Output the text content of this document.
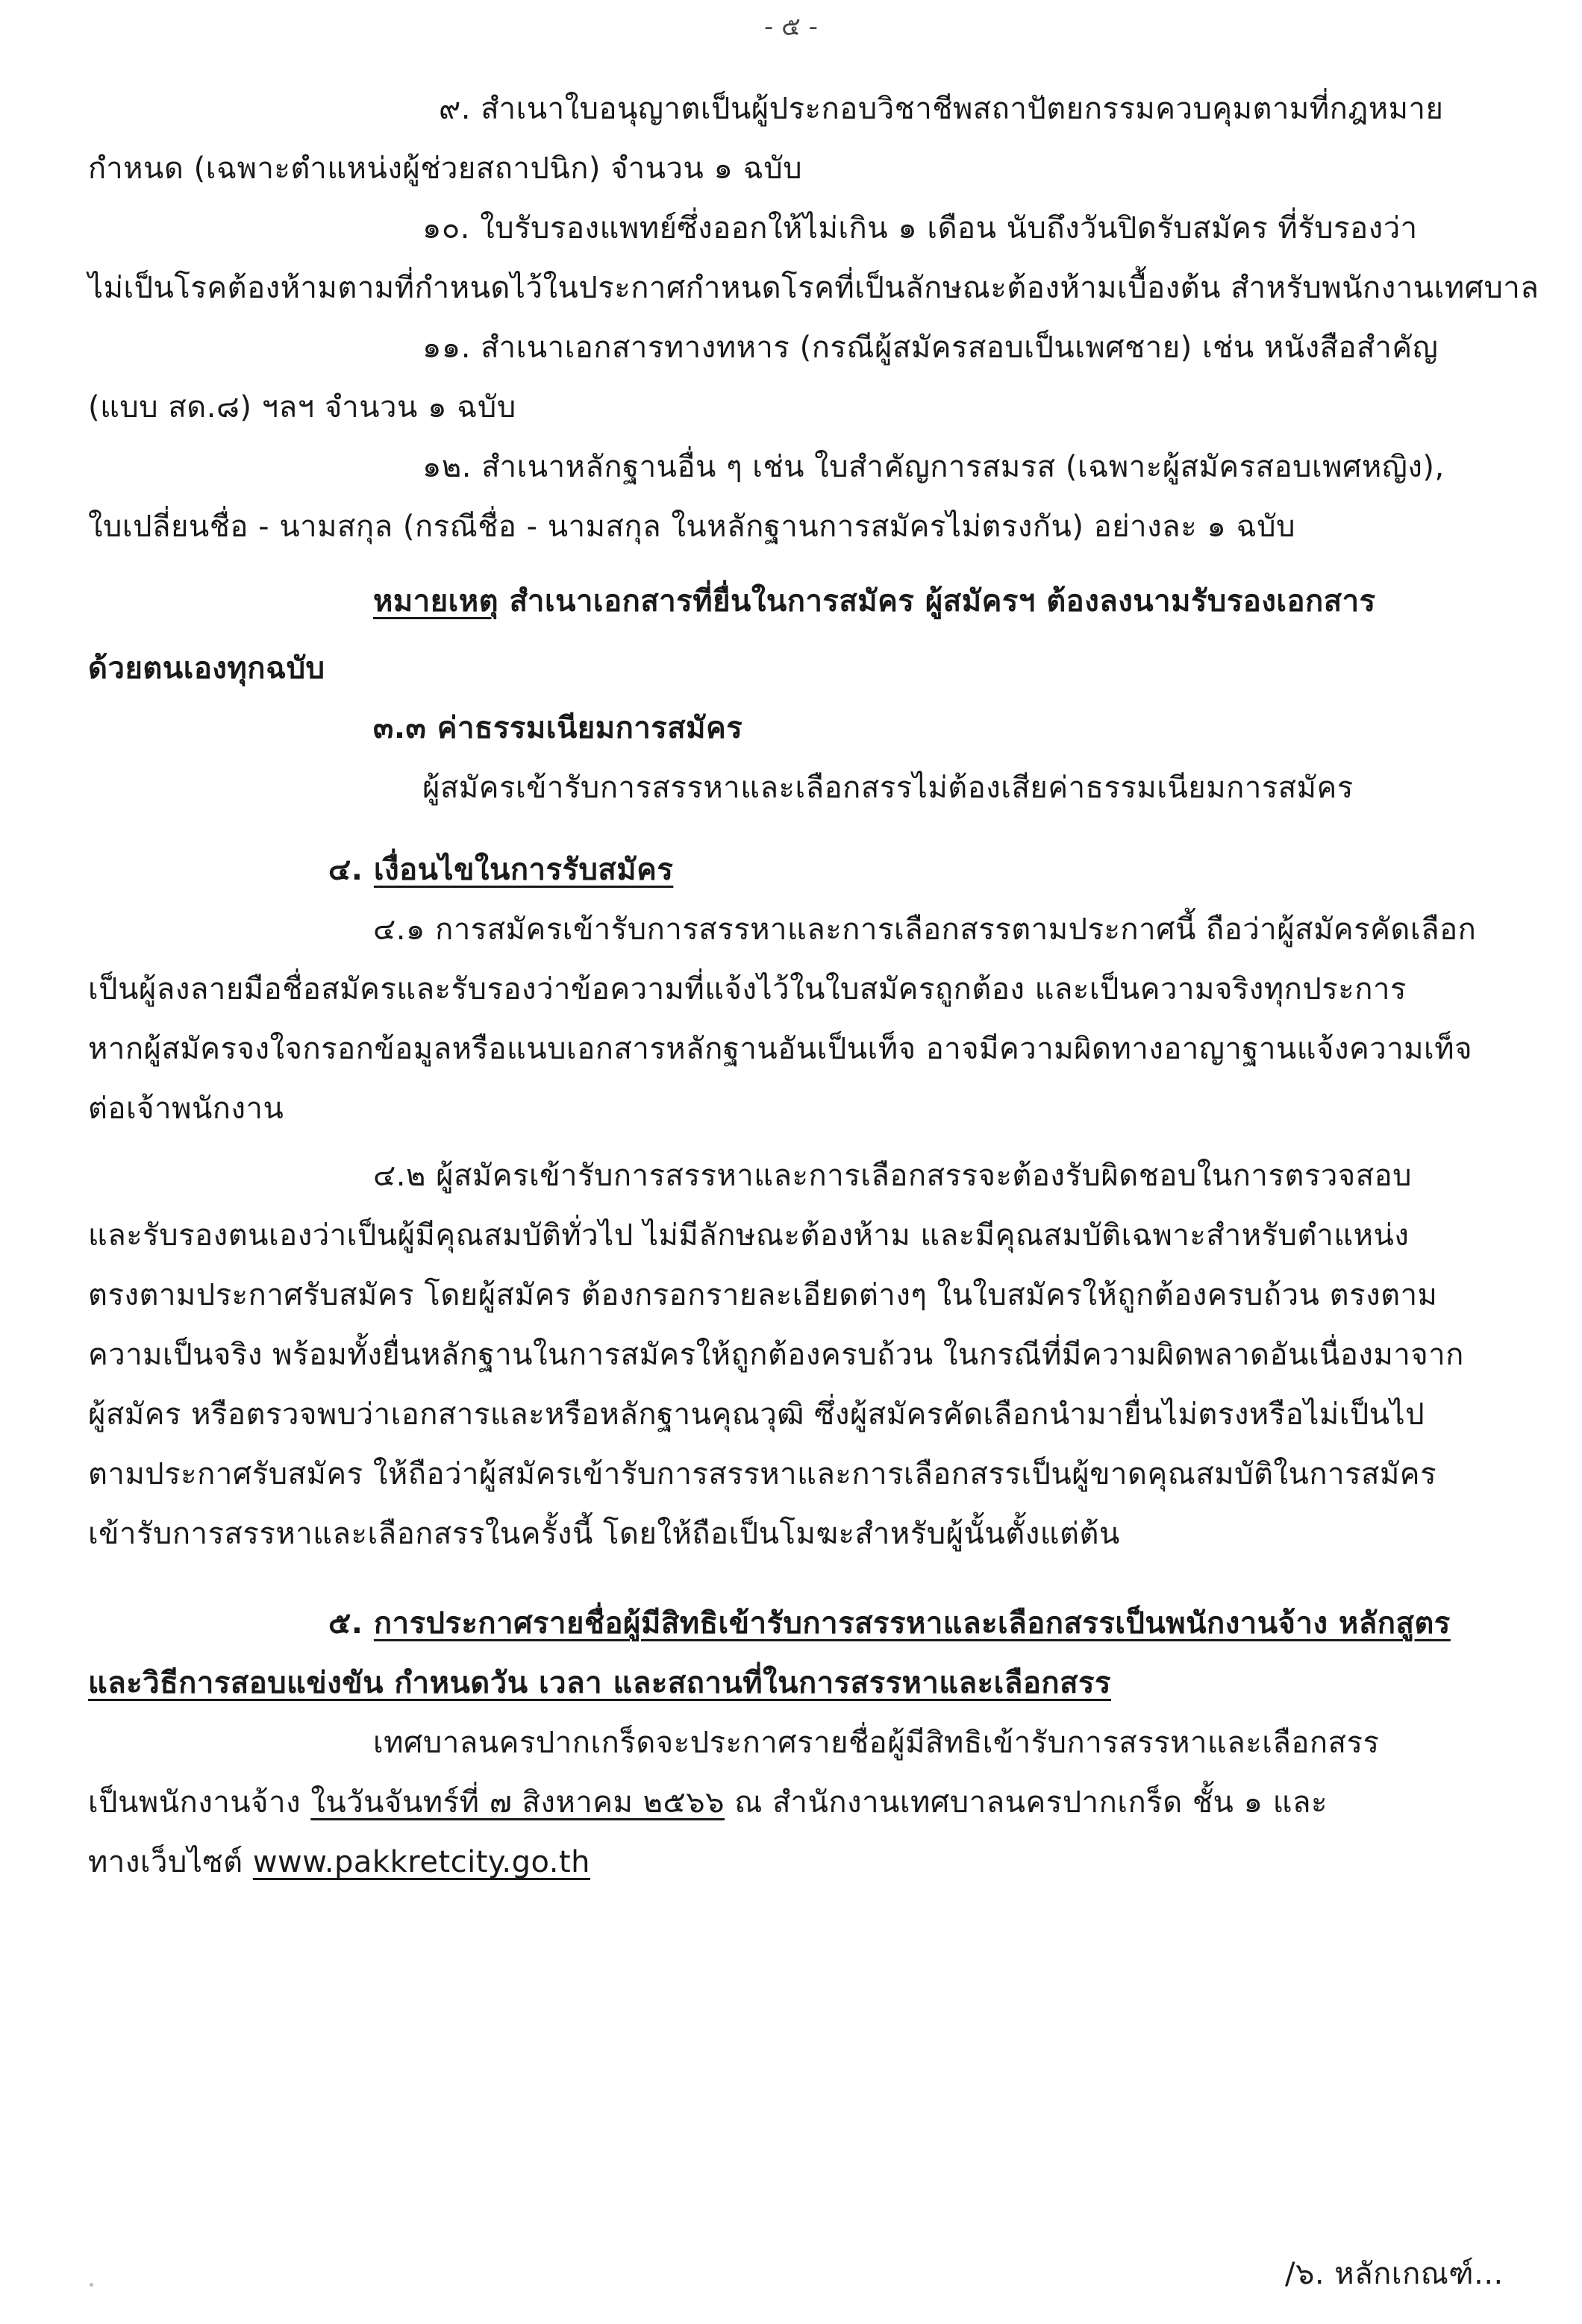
- ๕ -
๙. สำเนาใบอนุญาตเป็นผู้ประกอบวิชาชีพสถาปัตยกรรมควบคุมตามที่กฎหมาย
กำหนด (เฉพาะตำแหน่งผู้ช่วยสถาปนิก) จำนวน ๑ ฉบับ
๑๐. ใบรับรองแพทย์ซึ่งออกให้ไม่เกิน ๑ เดือน นับถึงวันปิดรับสมัคร ที่รับรองว่า
ไม่เป็นโรคต้องห้ามตามที่กำหนดไว้ในประกาศกำหนดโรคที่เป็นลักษณะต้องห้ามเบื้องต้น สำหรับพนักงานเทศบาล
๑๑. สำเนาเอกสารทางทหาร (กรณีผู้สมัครสอบเป็นเพศชาย) เช่น หนังสือสำคัญ
(แบบ สด.๘) ฯลฯ จำนวน ๑ ฉบับ
๑๒. สำเนาหลักฐานอื่น ๆ เช่น ใบสำคัญการสมรส (เฉพาะผู้สมัครสอบเพศหญิง),
ใบเปลี่ยนชื่อ - นามสกุล (กรณีชื่อ - นามสกุล ในหลักฐานการสมัครไม่ตรงกัน) อย่างละ ๑ ฉบับ
หมายเหตุ สำเนาเอกสารที่ยื่นในการสมัคร ผู้สมัครฯ ต้องลงนามรับรองเอกสาร
ด้วยตนเองทุกฉบับ
๓.๓ ค่าธรรมเนียมการสมัคร
ผู้สมัครเข้ารับการสรรหาและเลือกสรรไม่ต้องเสียค่าธรรมเนียมการสมัคร
๔. เงื่อนไขในการรับสมัคร
๔.๑ การสมัครเข้ารับการสรรหาและการเลือกสรรตามประกาศนี้ ถือว่าผู้สมัครคัดเลือก
เป็นผู้ลงลายมือชื่อสมัครและรับรองว่าข้อความที่แจ้งไว้ในใบสมัครถูกต้อง และเป็นความจริงทุกประการ
หากผู้สมัครจงใจกรอกข้อมูลหรือแนบเอกสารหลักฐานอันเป็นเท็จ อาจมีความผิดทางอาญาฐานแจ้งความเท็จ
ต่อเจ้าพนักงาน
๔.๒ ผู้สมัครเข้ารับการสรรหาและการเลือกสรรจะต้องรับผิดชอบในการตรวจสอบ
และรับรองตนเองว่าเป็นผู้มีคุณสมบัติทั่วไป ไม่มีลักษณะต้องห้าม และมีคุณสมบัติเฉพาะสำหรับตำแหน่ง
ตรงตามประกาศรับสมัคร โดยผู้สมัคร ต้องกรอกรายละเอียดต่างๆ ในใบสมัครให้ถูกต้องครบถ้วน ตรงตาม
ความเป็นจริง พร้อมทั้งยื่นหลักฐานในการสมัครให้ถูกต้องครบถ้วน ในกรณีที่มีความผิดพลาดอันเนื่องมาจาก
ผู้สมัคร หรือตรวจพบว่าเอกสารและหรือหลักฐานคุณวุฒิ ซึ่งผู้สมัครคัดเลือกนำมายื่นไม่ตรงหรือไม่เป็นไป
ตามประกาศรับสมัคร ให้ถือว่าผู้สมัครเข้ารับการสรรหาและการเลือกสรรเป็นผู้ขาดคุณสมบัติในการสมัคร
เข้ารับการสรรหาและเลือกสรรในครั้งนี้ โดยให้ถือเป็นโมฆะสำหรับผู้นั้นตั้งแต่ต้น
๕. การประกาศรายชื่อผู้มีสิทธิเข้ารับการสรรหาและเลือกสรรเป็นพนักงานจ้าง หลักสูตร
และวิธีการสอบแข่งขัน กำหนดวัน เวลา และสถานที่ในการสรรหาและเลือกสรร
เทศบาลนครปากเกร็ดจะประกาศรายชื่อผู้มีสิทธิเข้ารับการสรรหาและเลือกสรร
เป็นพนักงานจ้าง ในวันจันทร์ที่ ๗ สิงหาคม ๒๕๖๖ ณ สำนักงานเทศบาลนครปากเกร็ด ชั้น ๑ และ
ทางเว็บไซต์ www.pakkretcity.go.th
/๖. หลักเกณฑ์...
